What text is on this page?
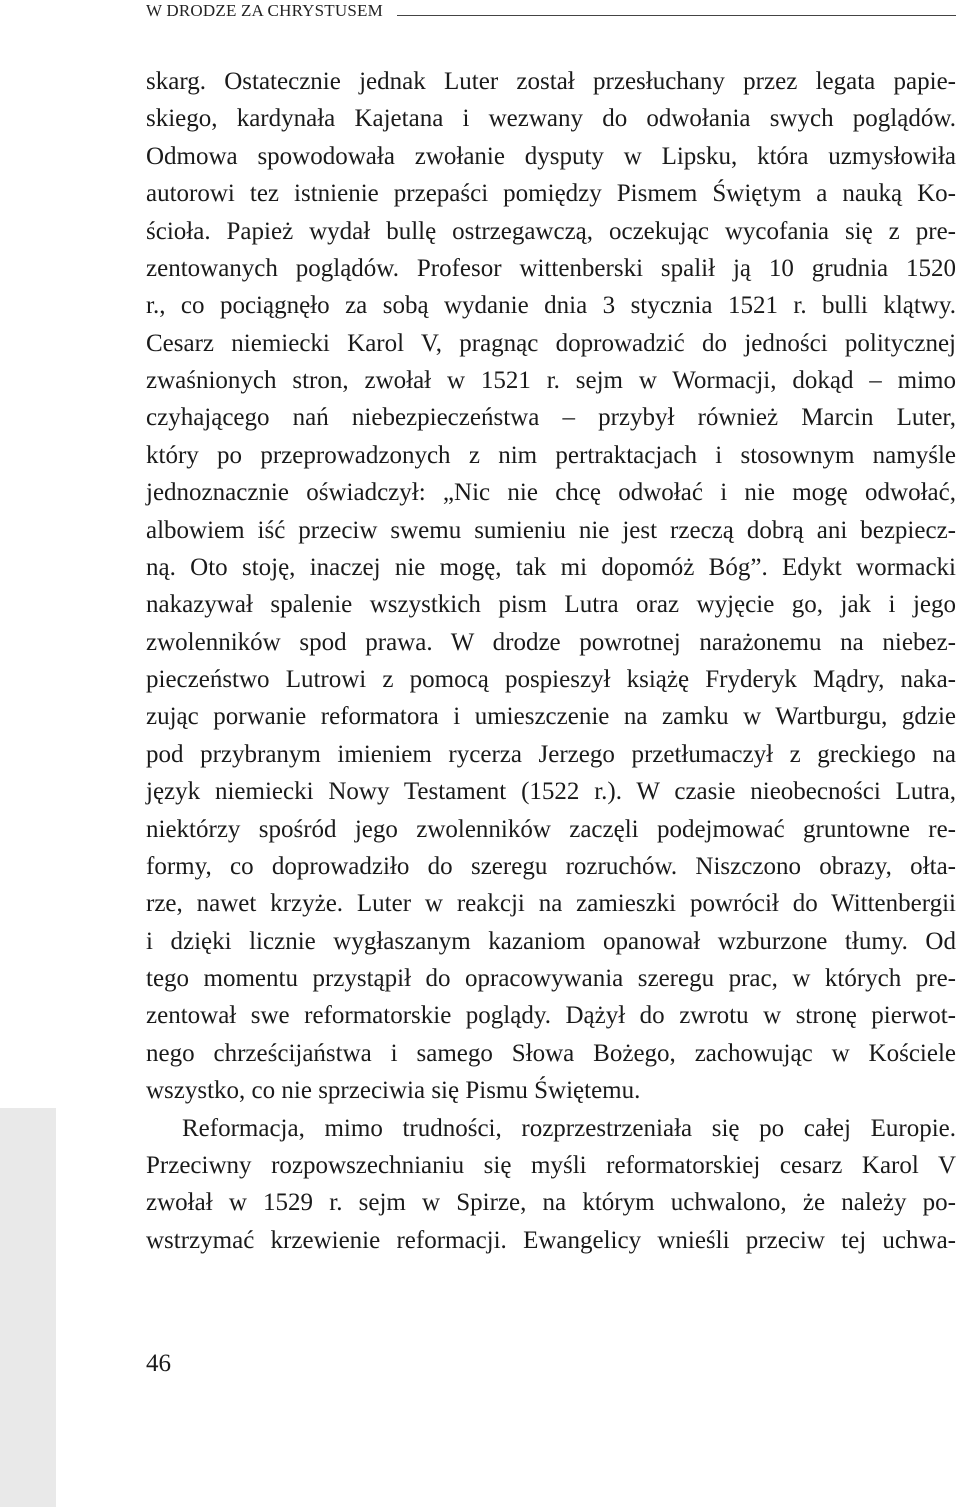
W DRODZE ZA CHRYSTUSEM
skarg. Ostatecznie jednak Luter został przesłuchany przez legata papie-
skiego, kardynała Kajetana i wezwany do odwołania swych poglądów.
Odmowa spowodowała zwołanie dysputy w Lipsku, która uzmysłowiła
autorowi tez istnienie przepaści pomiędzy Pismem Świętym a nauką Ko-
ścioła. Papież wydał bullę ostrzegawczą, oczekując wycofania się z pre-
zentowanych poglądów. Profesor wittenberski spalił ją 10 grudnia 1520
r., co pociągnęło za sobą wydanie dnia 3 stycznia 1521 r. bulli klątwy.
Cesarz niemiecki Karol V, pragnąc doprowadzić do jedności politycznej
zwaśnionych stron, zwołał w 1521 r. sejm w Wormacji, dokąd – mimo
czyhającego nań niebezpieczeństwa – przybył również Marcin Luter,
który po przeprowadzonych z nim pertraktacjach i stosownym namyśle
jednoznacznie oświadczył: „Nic nie chcę odwołać i nie mogę odwołać,
albowiem iść przeciw swemu sumieniu nie jest rzeczą dobrą ani bezpiecz-
ną. Oto stoję, inaczej nie mogę, tak mi dopomóż Bóg”. Edykt wormacki
nakazywał spalenie wszystkich pism Lutra oraz wyjęcie go, jak i jego
zwolenników spod prawa. W drodze powrotnej narażonemu na niebez-
pieczeństwo Lutrowi z pomocą pospieszył książę Fryderyk Mądry, naka-
zując porwanie reformatora i umieszczenie na zamku w Wartburgu, gdzie
pod przybranym imieniem rycerza Jerzego przetłumaczył z greckiego na
język niemiecki Nowy Testament (1522 r.). W czasie nieobecności Lutra,
niektórzy spośród jego zwolenników zaczęli podejmować gruntowne re-
formy, co doprowadziło do szeregu rozruchów. Niszczono obrazy, ołta-
rze, nawet krzyże. Luter w reakcji na zamieszki powrócił do Wittenbergii
i dzięki licznie wygłaszanym kazaniom opanował wzburzone tłumy. Od
tego momentu przystąpił do opracowywania szeregu prac, w których pre-
zentował swe reformatorskie poglądy. Dążył do zwrotu w stronę pierwot-
nego chrześcijaństwa i samego Słowa Bożego, zachowując w Kościele
wszystko, co nie sprzeciwia się Pismu Świętemu.
Reformacja, mimo trudności, rozprzestrzeniała się po całej Europie.
Przeciwny rozpowszechnianiu się myśli reformatorskiej cesarz Karol V
zwołał w 1529 r. sejm w Spirze, na którym uchwalono, że należy po-
wstrzymać krzewienie reformacji. Ewangelicy wnieśli przeciw tej uchwa-
46
